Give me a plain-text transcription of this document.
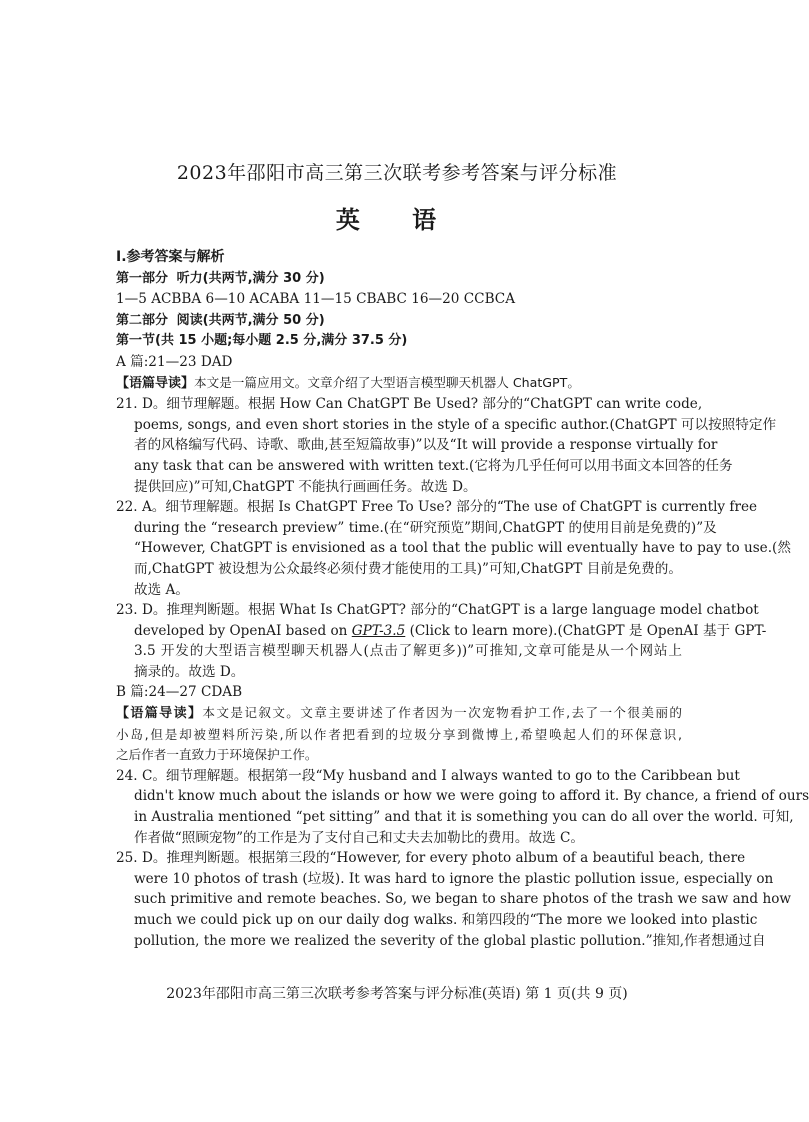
2023年邵阳市高三第三次联考参考答案与评分标准
英 语
Ⅰ.参考答案与解析
第一部分 听力(共两节,满分 30 分)
1—5 ACBBA 6—10 ACABA 11—15 CBABC 16—20 CCBCA
第二部分 阅读(共两节,满分 50 分)
第一节(共 15 小题;每小题 2.5 分,满分 37.5 分)
A 篇:21—23 DAD
【语篇导读】本文是一篇应用文。文章介绍了大型语言模型聊天机器人 ChatGPT。
21. D。细节理解题。根据 How Can ChatGPT Be Used? 部分的“ChatGPT can write code,
poems, songs, and even short stories in the style of a specific author.(ChatGPT 可以按照特定作
者的风格编写代码、诗歌、歌曲,甚至短篇故事)”以及“It will provide a response virtually for
any task that can be answered with written text.(它将为几乎任何可以用书面文本回答的任务
提供回应)”可知,ChatGPT 不能执行画画任务。故选 D。
22. A。细节理解题。根据 Is ChatGPT Free To Use? 部分的“The use of ChatGPT is currently free
during the “research preview” time.(在“研究预览”期间,ChatGPT 的使用目前是免费的)”及
“However, ChatGPT is envisioned as a tool that the public will eventually have to pay to use.(然
而,ChatGPT 被设想为公众最终必须付费才能使用的工具)”可知,ChatGPT 目前是免费的。
故选 A。
23. D。推理判断题。根据 What Is ChatGPT? 部分的“ChatGPT is a large language model chatbot
developed by OpenAI based on GPT-3.5 (Click to learn more).(ChatGPT 是 OpenAI 基于 GPT-
3.5 开发的大型语言模型聊天机器人(点击了解更多))”可推知,文章可能是从一个网站上
摘录的。故选 D。
B 篇:24—27 CDAB
【语篇导读】本文是记叙文。文章主要讲述了作者因为一次宠物看护工作,去了一个很美丽的
小岛,但是却被塑料所污染,所以作者把看到的垃圾分享到微博上,希望唤起人们的环保意识,
之后作者一直致力于环境保护工作。
24. C。细节理解题。根据第一段“My husband and I always wanted to go to the Caribbean but
didn't know much about the islands or how we were going to afford it. By chance, a friend of ours
in Australia mentioned “pet sitting” and that it is something you can do all over the world. 可知,
作者做“照顾宠物”的工作是为了支付自己和丈夫去加勒比的费用。故选 C。
25. D。推理判断题。根据第三段的“However, for every photo album of a beautiful beach, there
were 10 photos of trash (垃圾). It was hard to ignore the plastic pollution issue, especially on
such primitive and remote beaches. So, we began to share photos of the trash we saw and how
much we could pick up on our daily dog walks. 和第四段的“The more we looked into plastic
pollution, the more we realized the severity of the global plastic pollution.”推知,作者想通过自
2023年邵阳市高三第三次联考参考答案与评分标准(英语) 第 1 页(共 9 页)
